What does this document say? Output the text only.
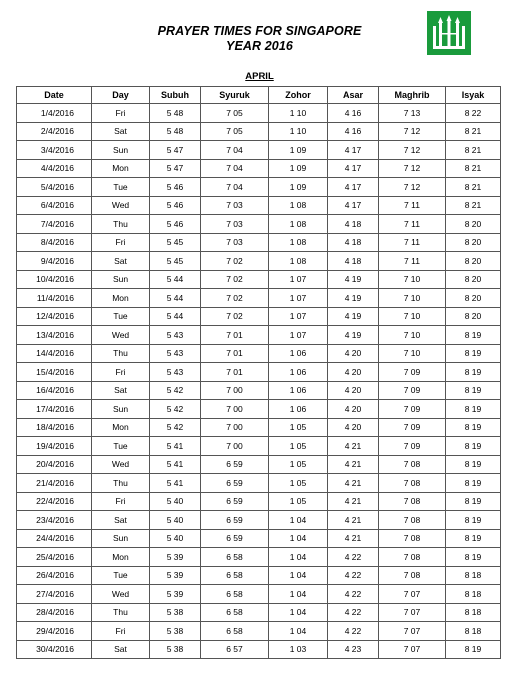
PRAYER TIMES FOR SINGAPORE
YEAR 2016
APRIL
Date	Day	Subuh	Syuruk	Zohor	Asar	Maghrib	Isyak
1/4/2016	Fri	5 48	7 05	1 10	4 16	7 13	8 22
2/4/2016	Sat	5 48	7 05	1 10	4 16	7 12	8 21
3/4/2016	Sun	5 47	7 04	1 09	4 17	7 12	8 21
4/4/2016	Mon	5 47	7 04	1 09	4 17	7 12	8 21
5/4/2016	Tue	5 46	7 04	1 09	4 17	7 12	8 21
6/4/2016	Wed	5 46	7 03	1 08	4 17	7 11	8 21
7/4/2016	Thu	5 46	7 03	1 08	4 18	7 11	8 20
8/4/2016	Fri	5 45	7 03	1 08	4 18	7 11	8 20
9/4/2016	Sat	5 45	7 02	1 08	4 18	7 11	8 20
10/4/2016	Sun	5 44	7 02	1 07	4 19	7 10	8 20
11/4/2016	Mon	5 44	7 02	1 07	4 19	7 10	8 20
12/4/2016	Tue	5 44	7 02	1 07	4 19	7 10	8 20
13/4/2016	Wed	5 43	7 01	1 07	4 19	7 10	8 19
14/4/2016	Thu	5 43	7 01	1 06	4 20	7 10	8 19
15/4/2016	Fri	5 43	7 01	1 06	4 20	7 09	8 19
16/4/2016	Sat	5 42	7 00	1 06	4 20	7 09	8 19
17/4/2016	Sun	5 42	7 00	1 06	4 20	7 09	8 19
18/4/2016	Mon	5 42	7 00	1 05	4 20	7 09	8 19
19/4/2016	Tue	5 41	7 00	1 05	4 21	7 09	8 19
20/4/2016	Wed	5 41	6 59	1 05	4 21	7 08	8 19
21/4/2016	Thu	5 41	6 59	1 05	4 21	7 08	8 19
22/4/2016	Fri	5 40	6 59	1 05	4 21	7 08	8 19
23/4/2016	Sat	5 40	6 59	1 04	4 21	7 08	8 19
24/4/2016	Sun	5 40	6 59	1 04	4 21	7 08	8 19
25/4/2016	Mon	5 39	6 58	1 04	4 22	7 08	8 19
26/4/2016	Tue	5 39	6 58	1 04	4 22	7 08	8 18
27/4/2016	Wed	5 39	6 58	1 04	4 22	7 07	8 18
28/4/2016	Thu	5 38	6 58	1 04	4 22	7 07	8 18
29/4/2016	Fri	5 38	6 58	1 04	4 22	7 07	8 18
30/4/2016	Sat	5 38	6 57	1 03	4 23	7 07	8 19
